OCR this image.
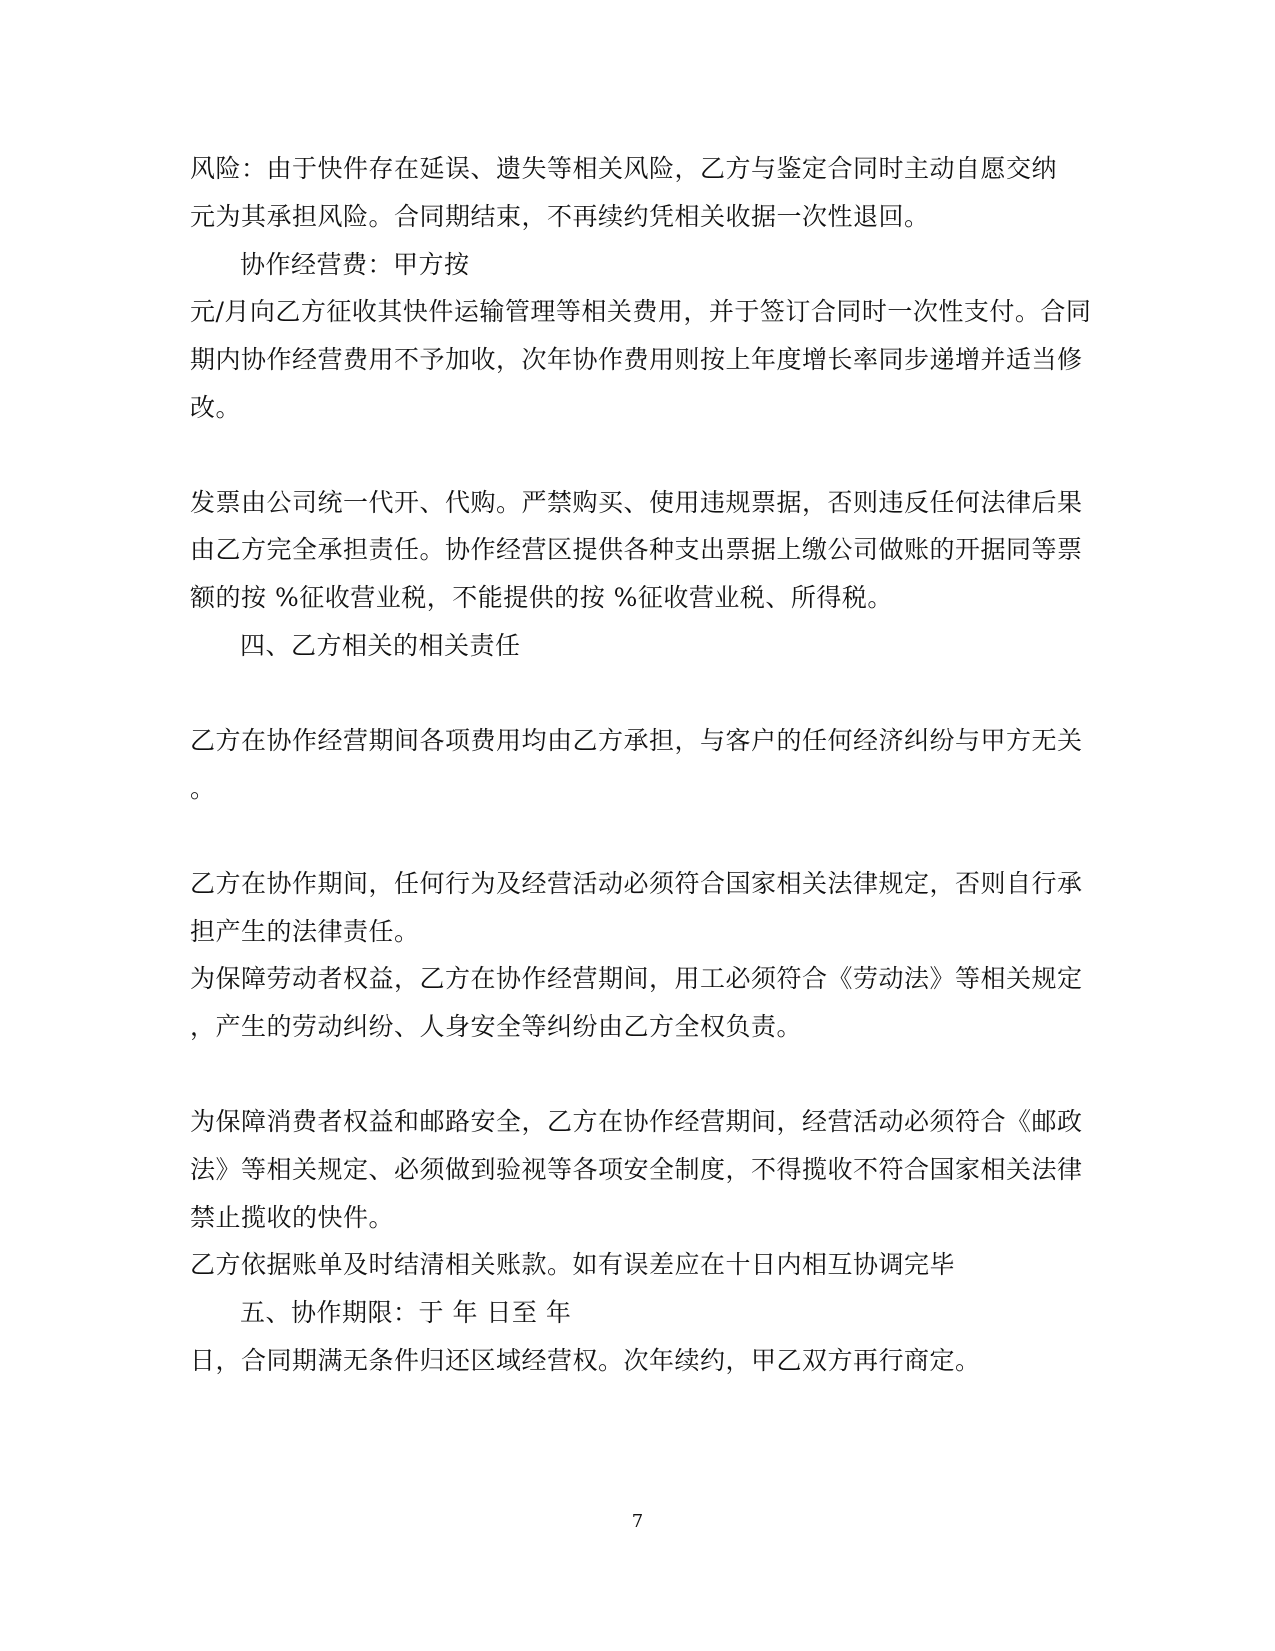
风险：由于快件存在延误、遗失等相关风险，乙方与鉴定合同时主动自愿交纳
元为其承担风险。合同期结束，不再续约凭相关收据一次性退回。
协作经营费：甲方按
元/月向乙方征收其快件运输管理等相关费用，并于签订合同时一次性支付。合同
期内协作经营费用不予加收，次年协作费用则按上年度增长率同步递增并适当修
改。
发票由公司统一代开、代购。严禁购买、使用违规票据，否则违反任何法律后果
由乙方完全承担责任。协作经营区提供各种支出票据上缴公司做账的开据同等票
额的按 %征收营业税，不能提供的按 %征收营业税、所得税。
四、乙方相关的相关责任
乙方在协作经营期间各项费用均由乙方承担，与客户的任何经济纠纷与甲方无关
。
乙方在协作期间，任何行为及经营活动必须符合国家相关法律规定，否则自行承
担产生的法律责任。
为保障劳动者权益，乙方在协作经营期间，用工必须符合《劳动法》等相关规定
，产生的劳动纠纷、人身安全等纠纷由乙方全权负责。
为保障消费者权益和邮路安全，乙方在协作经营期间，经营活动必须符合《邮政
法》等相关规定、必须做到验视等各项安全制度，不得揽收不符合国家相关法律
禁止揽收的快件。
乙方依据账单及时结清相关账款。如有误差应在十日内相互协调完毕
五、协作期限：于 年 日至 年
日，合同期满无条件归还区域经营权。次年续约，甲乙双方再行商定。
7
